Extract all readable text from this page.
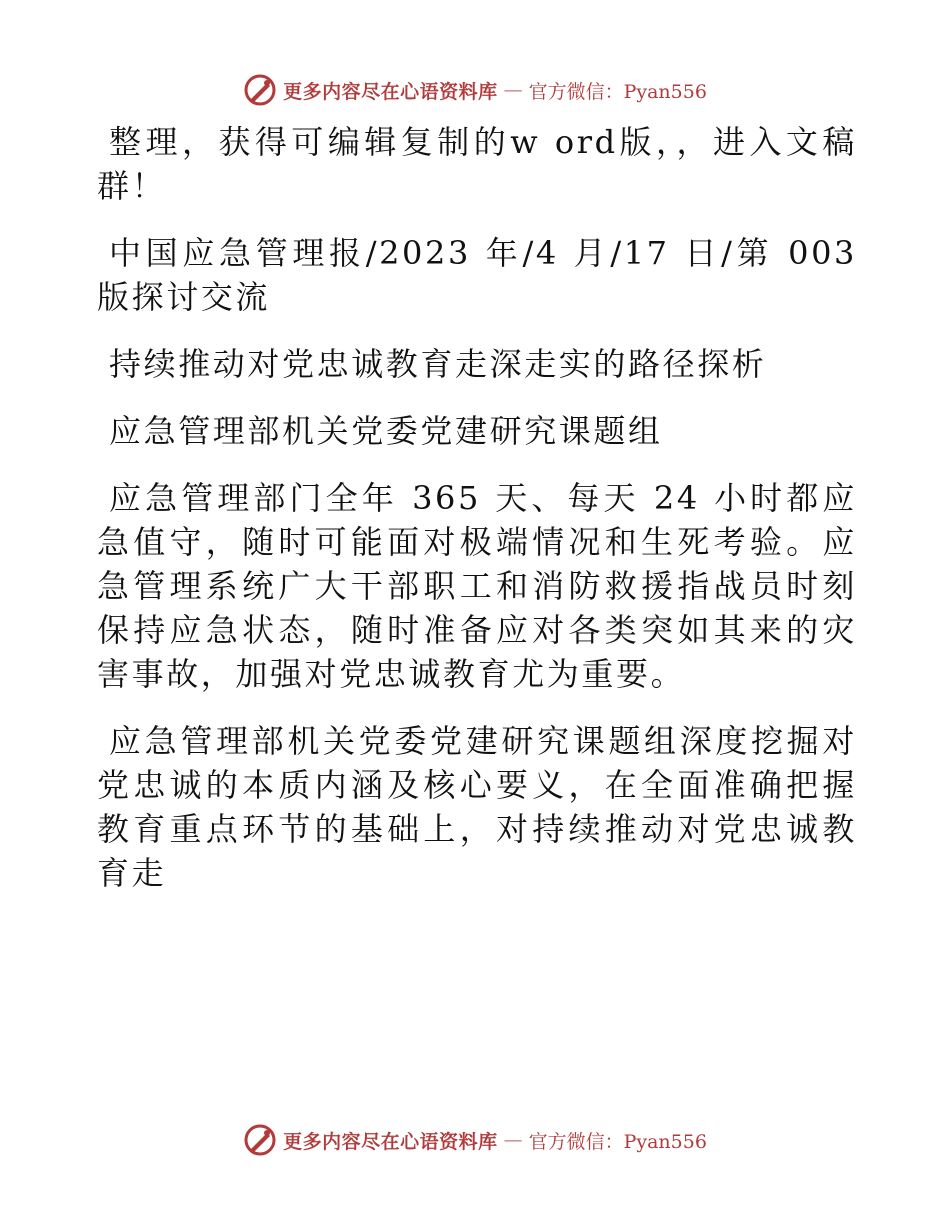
更多内容尽在心语资料库 — 官方微信：Pyan556

整理，获得可编辑复制的w ord版，，进入文稿群！

中国应急管理报/2023 年/4 月/17 日/第 003 版探讨交流

持续推动对党忠诚教育走深走实的路径探析

应急管理部机关党委党建研究课题组

应急管理部门全年 365 天、每天 24 小时都应急值守，随时可能面对极端情况和生死考验。应急管理系统广大干部职工和消防救援指战员时刻保持应急状态，随时准备应对各类突如其来的灾害事故，加强对党忠诚教育尤为重要。

应急管理部机关党委党建研究课题组深度挖掘对党忠诚的本质内涵及核心要义，在全面准确把握教育重点环节的基础上，对持续推动对党忠诚教育走

更多内容尽在心语资料库 — 官方微信：Pyan556
